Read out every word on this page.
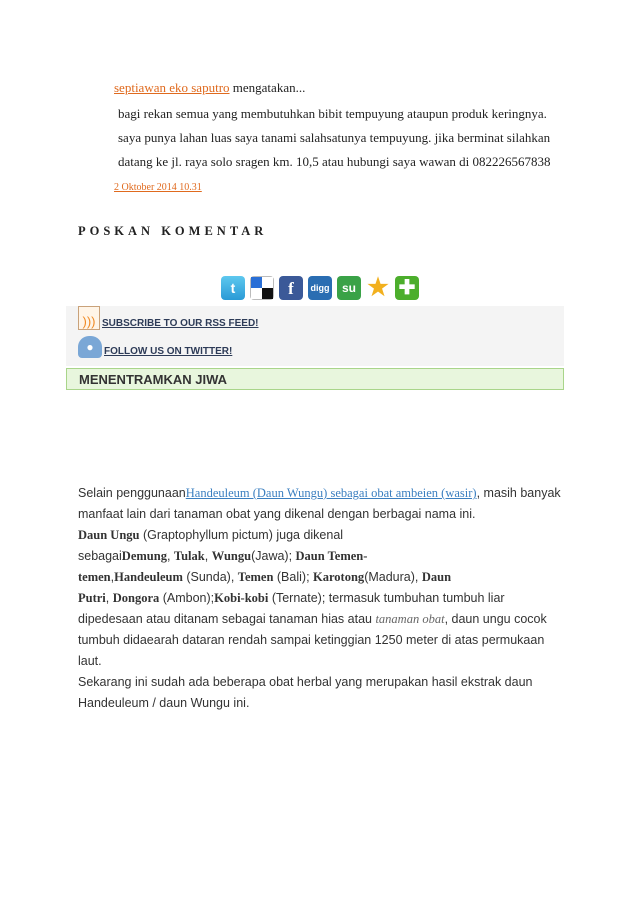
septiawan eko saputro mengatakan...

bagi rekan semua yang membutuhkan bibit tempuyung ataupun produk keringnya.

saya punya lahan luas saya tanami salahsatunya tempuyung. jika berminat silahkan

datang ke jl. raya solo sragen km. 10,5 atau hubungi saya wawan di 082226567838

2 Oktober 2014 10.31
POSKAN KOMENTAR
t	f	digg	su ★ ✚
))) SUBSCRIBE TO OUR RSS FEED!
●	FOLLOW US ON TWITTER!
MENENTRAMKAN JIWA
Selain penggunaanHandeuleum (Daun Wungu) sebagai obat ambeien (wasir), masih banyak
manfaat lain dari tanaman obat yang dikenal dengan berbagai nama ini.
Daun Ungu (Graptophyllum pictum) juga dikenal
sebagaiDemung, Tulak, Wungu(Jawa); Daun Temen-
temen,Handeuleum (Sunda), Temen (Bali); Karotong(Madura), Daun
Putri, Dongora (Ambon);Kobi-kobi (Ternate); termasuk tumbuhan tumbuh liar
dipedesaan atau ditanam sebagai tanaman hias atau tanaman obat, daun ungu cocok
tumbuh didaearah dataran rendah sampai ketinggian 1250 meter di atas permukaan
laut.
Sekarang ini sudah ada beberapa obat herbal yang merupakan hasil ekstrak daun
Handeuleum / daun Wungu ini.
